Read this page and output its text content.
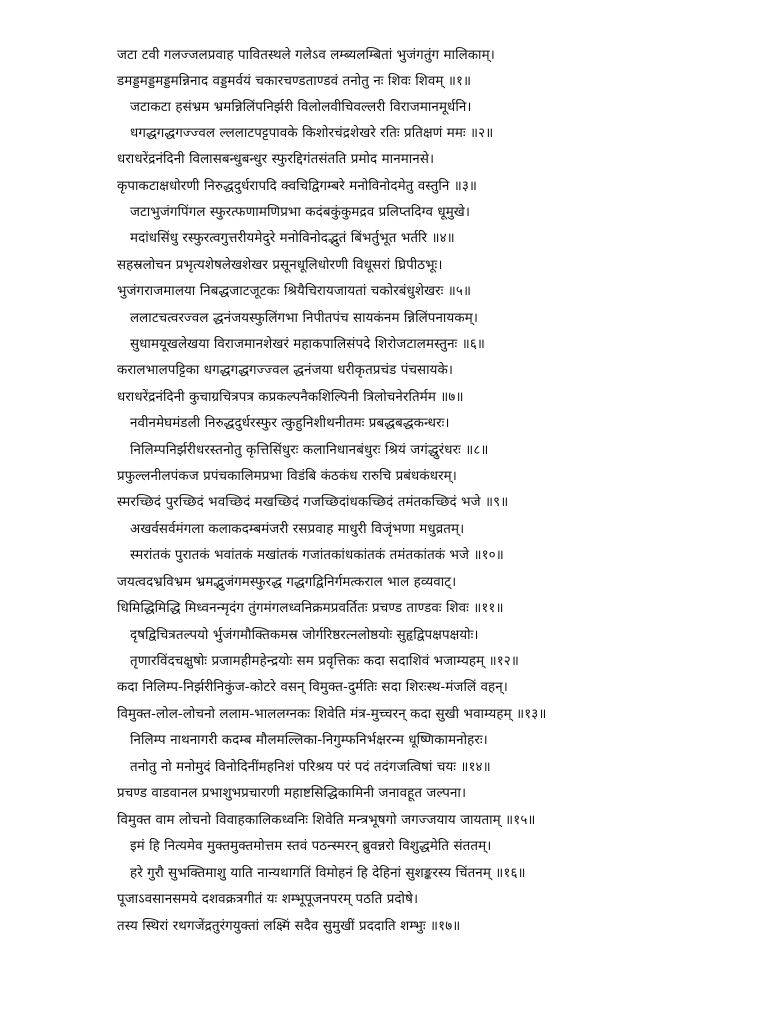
जटा टवी गलज्जलप्रवाह पावितस्थले गलेऽव लम्ब्यलम्बितां भुजंगतुंग मालिकाम्।
डमड्डमड्डमड्डमन्निनाद वड्डमर्वयं चकारचण्डताण्डवं तनोतु नः शिवः शिवम् ॥१॥
जटाकटा हसंभ्रम भ्रमन्निलिंपनिर्झरी विलोलवीचिवल्लरी विराजमानमूर्धनि।
धगद्धगद्धगज्ज्वल ल्ललाटपट्टपावके किशोरचंद्रशेखरे रतिः प्रतिक्षणं ममः ॥२॥
धराधरेंद्रनंदिनी विलासबन्धुबन्धुर स्फुरद्दिगंतसंतति प्रमोद मानमानसे।
कृपाकटाक्षधोरणी निरुद्धदुर्धरापदि क्वचिद्विगम्बरे मनोविनोदमेतु वस्तुनि ॥३॥
जटाभुजंगपिंगल स्फुरत्फणामणिप्रभा कदंबकुंकुमद्रव प्रलिप्तदिग्व धूमुखे।
मदांधसिंधु रस्फुरत्वगुत्तरीयमेदुरे मनोविनोदद्भुतं बिंभर्तुभूत भर्तरि ॥४॥
सहस्रलोचन प्रभृत्यशेषलेखशेखर प्रसूनधूलिधोरणी विधूसरां घ्रिपीठभूः।
भुजंगराजमालया निबद्धजाटजूटकः श्रियैचिरायजायतां चकोरबंधुशेखरः ॥५॥
ललाटचत्वरज्वल द्धनंजयस्फुलिंगभा निपीतपंच सायकंनम न्निलिंपनायकम्।
सुधामयूखलेखया विराजमानशेखरं महाकपालिसंपदे शिरोजटालमस्तुनः ॥६॥
करालभालपट्टिका धगद्धगद्धगज्ज्वल द्धनंजया धरीकृतप्रचंड पंचसायके।
धराधरेंद्रनंदिनी कुचाग्रचित्रपत्र कप्रकल्पनैकशिल्पिनी त्रिलोचनेरतिर्मम ॥७॥
नवीनमेघमंडली निरुद्धदुर्धरस्फुर त्कुहुनिशीथनीतमः प्रबद्धबद्धकन्धरः।
निलिम्पनिर्झरीधरस्तनोतु कृत्तिसिंधुरः कलानिधानबंधुरः श्रियं जगंद्धुरंधरः ॥८॥
प्रफुल्लनीलपंकज प्रपंचकालिमप्रभा विडंबि कंठकंध रारुचि प्रबंधकंधरम्।
स्मरच्छिदं पुरच्छिदं भवच्छिदं मखच्छिदं गजच्छिदांधकच्छिदं तमंतकच्छिदं भजे ॥९॥
अखर्वसर्वमंगला कलाकदम्बमंजरी रसप्रवाह माधुरी विजृंभणा मधुव्रतम्।
स्मरांतकं पुरातकं भवांतकं मखांतकं गजांतकांधकांतकं तमंतकांतकं भजे ॥१०॥
जयत्वदभ्रविभ्रम भ्रमद्भुजंगमस्फुरद्ध गद्धगद्विनिर्गमत्कराल भाल हव्यवाट्।
धिमिद्धिमिद्धि मिध्वनन्मृदंग तुंगमंगलध्वनिक्रमप्रवर्तितः प्रचण्ड ताण्डवः शिवः ॥११॥
दृषद्विचित्रतल्पयो र्भुजंगमौक्तिकमस्र जोर्गरिष्ठरत्नलोष्ठयोः सुहृद्विपक्षपक्षयोः।
तृणारविंदचक्षुषोः प्रजामहीमहेन्द्रयोः सम प्रवृत्तिकः कदा सदाशिवं भजाम्यहम् ॥१२॥
कदा निलिम्प-निर्झरीनिकुंज-कोटरे वसन् विमुक्त-दुर्मतिः सदा शिरःस्थ-मंजलिं वहन्।
विमुक्त-लोल-लोचनो ललाम-भाललग्नकः शिवेति मंत्र-मुच्चरन् कदा सुखी भवाम्यहम् ॥१३॥
निलिम्प नाथनागरी कदम्ब मौलमल्लिका-निगुम्फनिर्भक्षरन्म धूष्णिकामनोहरः।
तनोतु नो मनोमुदं विनोदिनींमहनिशं परिश्रय परं पदं तदंगजत्विषां चयः ॥१४॥
प्रचण्ड वाडवानल प्रभाशुभप्रचारणी महाष्टसिद्धिकामिनी जनावहूत जल्पना।
विमुक्त वाम लोचनो विवाहकालिकध्वनिः शिवेति मन्त्रभूषगो जगज्जयाय जायताम् ॥१५॥
इमं हि नित्यमेव मुक्तमुक्तमोत्तम स्तवं पठन्स्मरन् ब्रुवन्नरो विशुद्धमेति संततम्।
हरे गुरौ सुभक्तिमाशु याति नान्यथागतिं विमोहनं हि देहिनां सुशङ्करस्य चिंतनम् ॥१६॥
पूजाऽवसानसमये दशवक्रत्रगीतं यः शम्भूपूजनपरम् पठति प्रदोषे।
तस्य स्थिरां रथगजेंद्रतुरंगयुक्तां लक्ष्मिं सदैव सुमुखीं प्रददाति शम्भुः ॥१७॥
